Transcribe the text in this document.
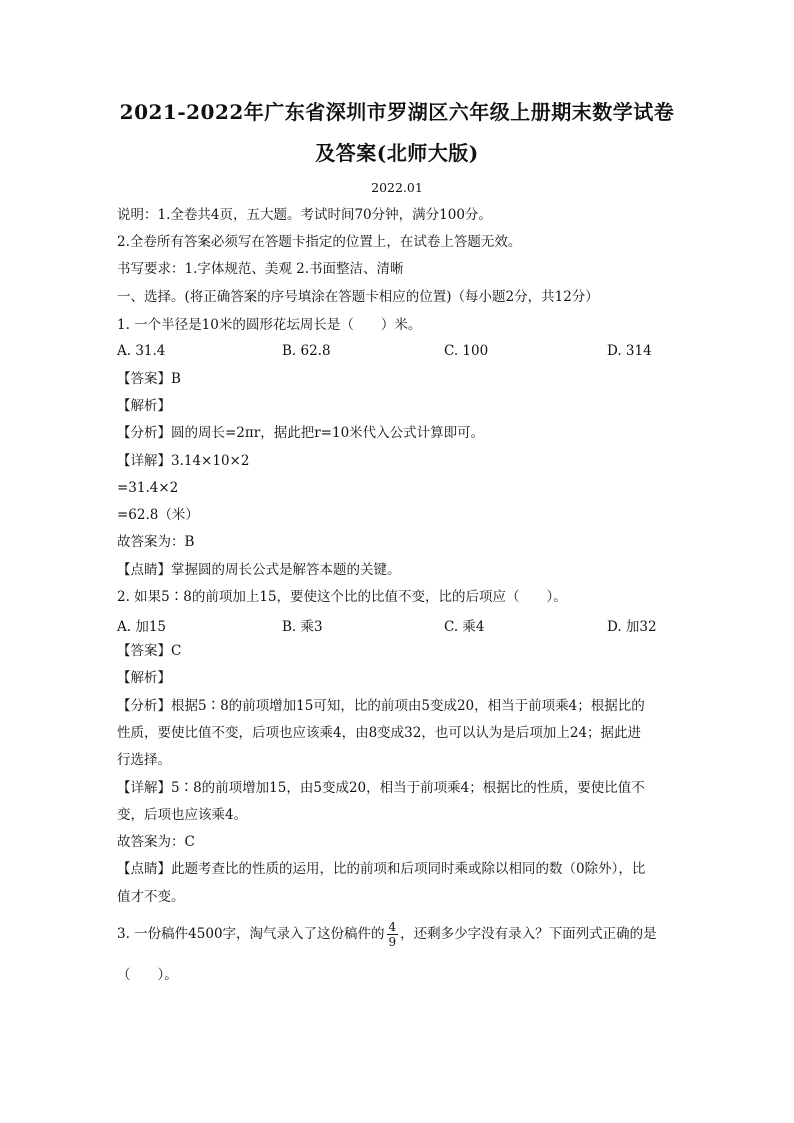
2021-2022年广东省深圳市罗湖区六年级上册期末数学试卷
及答案(北师大版)
2022.01
说明：1.全卷共4页，五大题。考试时间70分钟，满分100分。
2.全卷所有答案必须写在答题卡指定的位置上，在试卷上答题无效。
书写要求：1.字体规范、美观 2.书面整洁、清晰
一、选择。(将正确答案的序号填涂在答题卡相应的位置)（每小题2分，共12分）
1. 一个半径是10米的圆形花坛周长是（　　）米。
A. 31.4	B. 62.8	C. 100	D. 314
【答案】B
【解析】
【分析】圆的周长=2πr，据此把r=10米代入公式计算即可。
【详解】3.14×10×2
=31.4×2
=62.8（米）
故答案为：B
【点睛】掌握圆的周长公式是解答本题的关键。
2. 如果5∶8的前项加上15，要使这个比的比值不变，比的后项应（　　）。
A. 加15	B. 乘3	C. 乘4	D. 加32
【答案】C
【解析】
【分析】根据5∶8的前项增加15可知，比的前项由5变成20，相当于前项乘4；根据比的
性质，要使比值不变，后项也应该乘4，由8变成32，也可以认为是后项加上24；据此进
行选择。
【详解】5∶8的前项增加15，由5变成20，相当于前项乘4；根据比的性质，要使比值不
变，后项也应该乘4。
故答案为：C
【点睛】此题考查比的性质的运用，比的前项和后项同时乘或除以相同的数（0除外），比
值才不变。
3. 一份稿件4500字，淘气录入了这份稿件的 $\frac{4}{9}$ ，还剩多少字没有录入？下面列式正确的是
（　　）。
